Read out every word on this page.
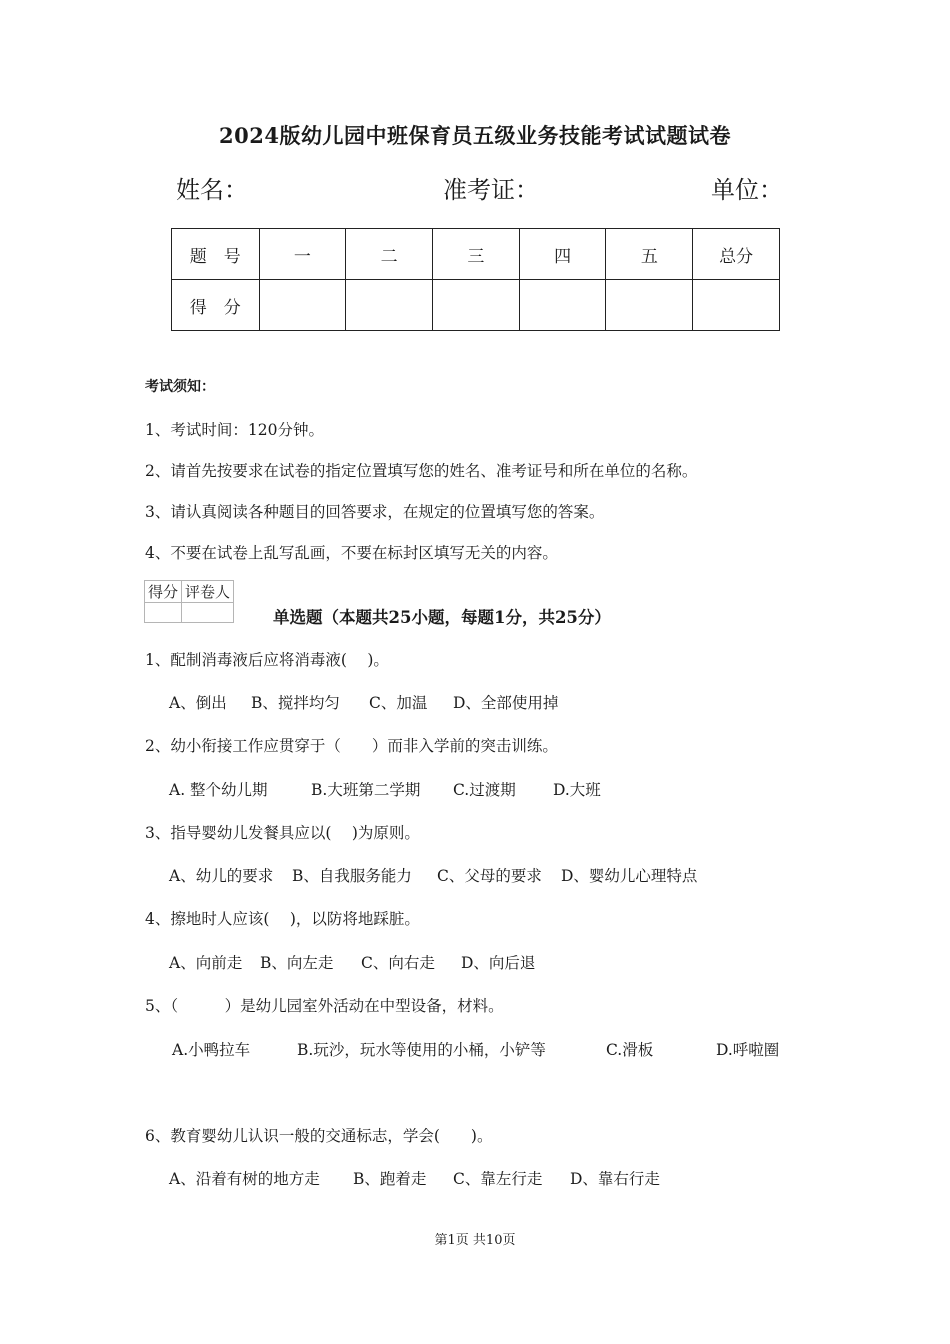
2024版幼儿园中班保育员五级业务技能考试试题试卷
姓名：	准考证：	单位：
题　号	一	二	三	四	五	总分
得　分						
考试须知：
1、考试时间：120分钟。
2、请首先按要求在试卷的指定位置填写您的姓名、准考证号和所在单位的名称。
3、请认真阅读各种题目的回答要求，在规定的位置填写您的答案。
4、不要在试卷上乱写乱画，不要在标封区填写无关的内容。
得分	评卷人

单选题（本题共25小题，每题1分，共25分）
1、配制消毒液后应将消毒液(　 )。
A、倒出 B、搅拌均匀 C、加温 D、全部使用掉
2、幼小衔接工作应贯穿于（　　）而非入学前的突击训练。
A. 整个幼儿期	B.大班第二学期 C.过渡期 D.大班
3、指导婴幼儿发餐具应以(　 )为原则。
A、幼儿的要求 B、自我服务能力 C、父母的要求 D、婴幼儿心理特点
4、擦地时人应该(　 )，以防将地踩脏。
A、向前走 B、向左走 C、向右走 D、向后退
5、（　　　）是幼儿园室外活动在中型设备，材料。
A.小鸭拉车	B.玩沙，玩水等使用的小桶，小铲等	C.滑板	D.呼啦圈
6、教育婴幼儿认识一般的交通标志，学会(　　)。
A、沿着有树的地方走 B、跑着走 C、靠左行走 D、靠右行走
第1页 共10页
